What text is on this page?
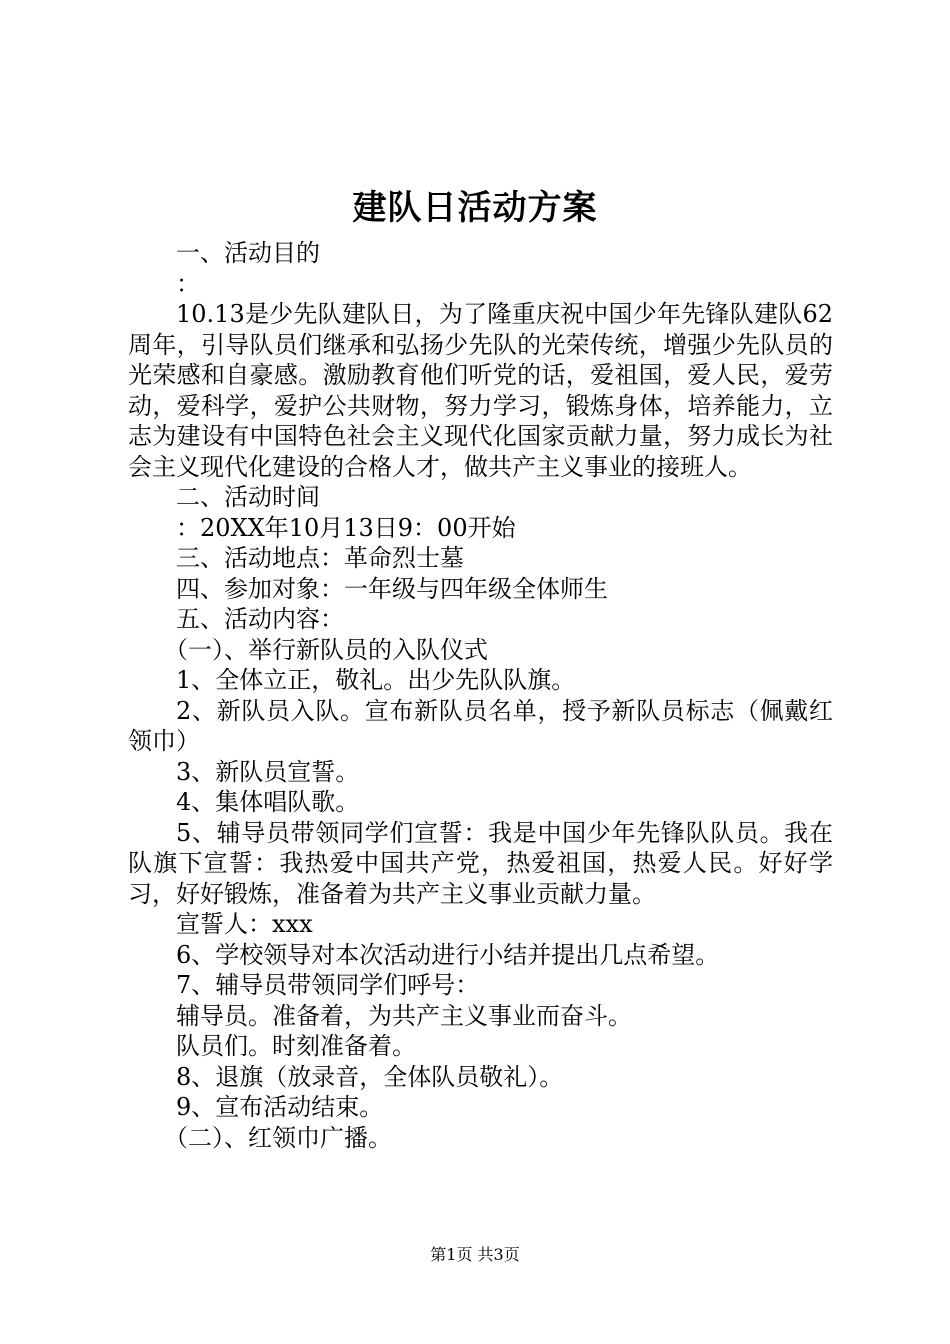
建队日活动方案

一、活动目的

：

10.13是少先队建队日，为了隆重庆祝中国少年先锋队建队62周年，引导队员们继承和弘扬少先队的光荣传统，增强少先队员的光荣感和自豪感。激励教育他们听党的话，爱祖国，爱人民，爱劳动，爱科学，爱护公共财物，努力学习，锻炼身体，培养能力，立志为建设有中国特色社会主义现代化国家贡献力量，努力成长为社会主义现代化建设的合格人才，做共产主义事业的接班人。

二、活动时间

：20XX年10月13日9：00开始

三、活动地点：革命烈士墓

四、参加对象：一年级与四年级全体师生

五、活动内容：

（一）、举行新队员的入队仪式

1、全体立正，敬礼。出少先队队旗。

2、新队员入队。宣布新队员名单，授予新队员标志（佩戴红领巾）

3、新队员宣誓。

4、集体唱队歌。

5、辅导员带领同学们宣誓：我是中国少年先锋队队员。我在队旗下宣誓：我热爱中国共产党，热爱祖国，热爱人民。好好学习，好好锻炼，准备着为共产主义事业贡献力量。

宣誓人：xxx

6、学校领导对本次活动进行小结并提出几点希望。

7、辅导员带领同学们呼号：

辅导员。准备着，为共产主义事业而奋斗。

队员们。时刻准备着。

8、退旗（放录音，全体队员敬礼）。

9、宣布活动结束。

（二）、红领巾广播。

第1页 共3页
